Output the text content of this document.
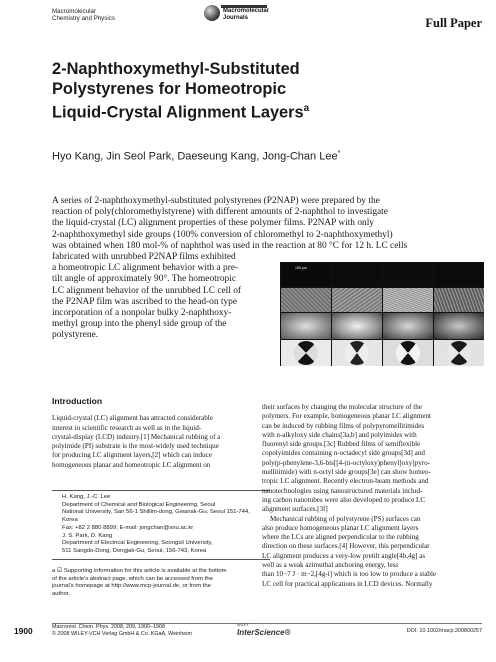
Macromolecular
Chemistry and Physics
Macromolecular
Journals	Full Paper
2-Naphthoxymethyl-Substituted
Polystyrenes for Homeotropic
Liquid-Crystal Alignment Layers$^a$
Hyo Kang, Jin Seol Park, Daeseung Kang, Jong-Chan Lee*
A series of 2-naphthoxymethyl-substituted polystyrenes (P2NAP) were prepared by the
reaction of poly(chloromethylstyrene) with different amounts of 2-naphthol to investigate
the liquid-crystal (LC) alignment properties of these polymer films. P2NAP with only
2-naphthoxymethyl side groups (100% conversion of chloromethyl to 2-naphthoxymethyl)
was obtained when 180 mol-% of naphthol was used in the reaction at 80 °C for 12 h. LC cells
fabricated with unrubbed P2NAP films exhibited
a homeotropic LC alignment behavior with a pre-
tilt angle of approximately 90°. The homeotropic
LC alignment behavior of the unrubbed LC cell of
the P2NAP film was ascribed to the head-on type
incorporation of a nonpolar bulky 2-naphthoxy-
methyl group into the phenyl side group of the
polystyrene.
100 μm
Introduction
Liquid-crystal (LC) alignment has attracted considerable
interest in scientific research as well as in the liquid-
crystal-display (LCD) industry.[1] Mechanical rubbing of a
polyimide (PI) substrate is the most-widely used technique
for producing LC alignment layers,[2] which can induce
homogeneous planar and homeotropic LC alignment on

H. Kang, J.-C. Lee

Department of Chemical and Biological Engineering, Seoul

National University, San 56-1 Shillim-dong, Gwanak-Gu, Seoul 151-744,

Korea

Fax: +82 2 880 8899; E-mail: jongchan@snu.ac.kr

J. S. Park, D. Kang

Department of Electrical Engineering, Soongsil University,

511 Sangdo-Dong, Dongjak-Gu, Seoul, 156-743, Korea

a ☑ Supporting information for this article is available at the bottom

of the article's abstract page, which can be accessed from the

journal's homepage at http://www.mcp-journal.de, or from the

author.

their surfaces by changing the molecular structure of the
polymers. For example, homogeneous planar LC alignment
can be induced by rubbing films of polypyromellitimides
with n-alkyloxy side chains[3a,b] and polyimides with
fluorenyl side groups.[3c] Rubbed films of semiflexible
copolyimides containing n-octadecyl side groups[3d] and
poly(p-phenylene-3,6-bis[[4-(n-octyloxy)phenyl]oxy]pyro-
mellitimide) with n-octyl side groups[3e] can show homeo-
tropic LC alignment. Recently electron-beam methods and
nanotechnologies using nanostructured materials includ-
ing carbon nanotubes were also developed to produce LC
alignment surfaces.[3f]
Mechanical rubbing of polystyrene (PS) surfaces can
also produce homogeneous planar LC alignment layers
where the LCs are aligned perpendicular to the rubbing
direction on these surfaces.[4] However, this perpendicular
LC alignment produces a very-low pretilt angle[4b,4g] as
well as a weak azimuthal anchoring energy, less
than 10−7 J · m−2,[4g-i] which is too low to produce a stable
LC cell for practical applications in LCD devices. Normally
1900	Macromol. Chem. Phys. 2008, 209, 1900–1908
© 2008 WILEY-VCH Verlag GmbH & Co. KGaA, Weinheim
WILEY
InterScience®	DOI: 10.1002/macp.200800257
